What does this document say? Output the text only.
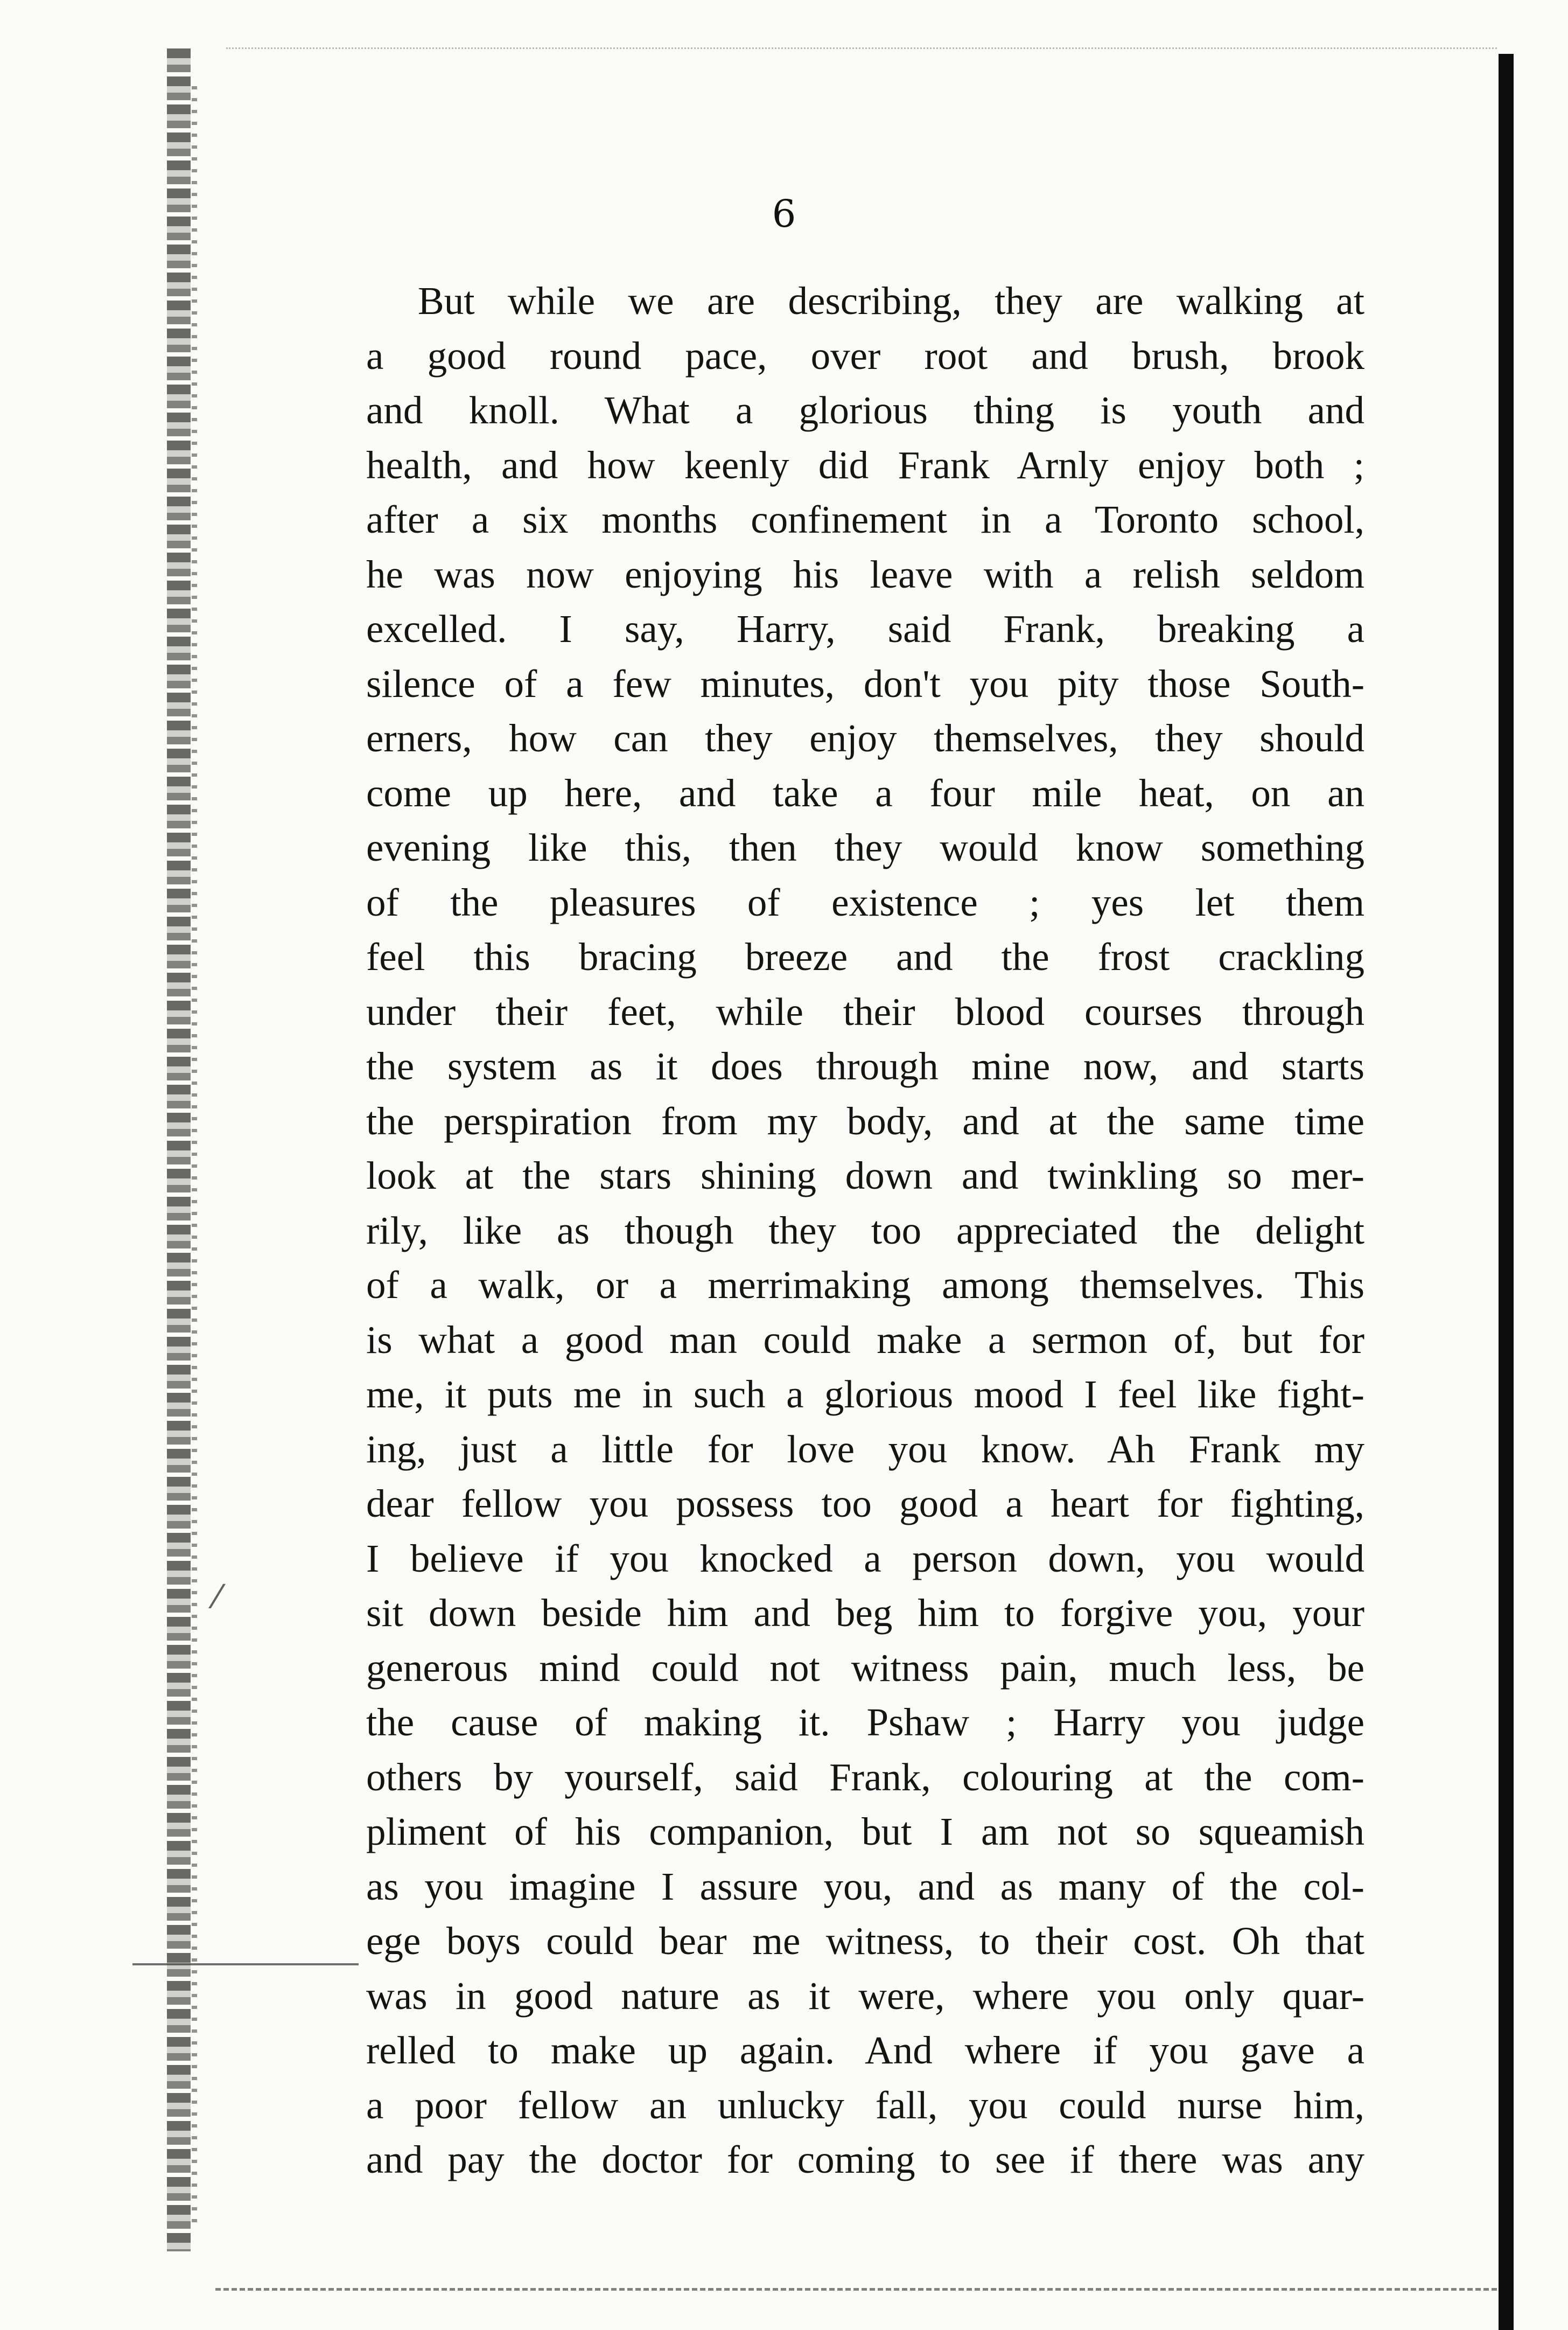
⁄
6
But while we are describing, they are walking at
a good round pace, over root and brush, brook
and knoll. What a glorious thing is youth and
health, and how keenly did Frank Arnly enjoy both ;
after a six months confinement in a Toronto school,
he was now enjoying his leave with a relish seldom
excelled. I say, Harry, said Frank, breaking a
silence of a few minutes, don't you pity those South-
erners, how can they enjoy themselves, they should
come up here, and take a four mile heat, on an
evening like this, then they would know something
of the pleasures of existence ; yes let them
feel this bracing breeze and the frost crackling
under their feet, while their blood courses through
the system as it does through mine now, and starts
the perspiration from my body, and at the same time
look at the stars shining down and twinkling so mer-
rily, like as though they too appreciated the delight
of a walk, or a merrimaking among themselves. This
is what a good man could make a sermon of, but for
me, it puts me in such a glorious mood I feel like fight-
ing, just a little for love you know. Ah Frank my
dear fellow you possess too good a heart for fighting,
I believe if you knocked a person down, you would
sit down beside him and beg him to forgive you, your
generous mind could not witness pain, much less, be
the cause of making it. Pshaw ; Harry you judge
others by yourself, said Frank, colouring at the com-
pliment of his companion, but I am not so squeamish
as you imagine I assure you, and as many of the col-
ege boys could bear me witness, to their cost. Oh that
was in good nature as it were, where you only quar-
relled to make up again. And where if you gave a
a poor fellow an unlucky fall, you could nurse him,
and pay the doctor for coming to see if there was any
